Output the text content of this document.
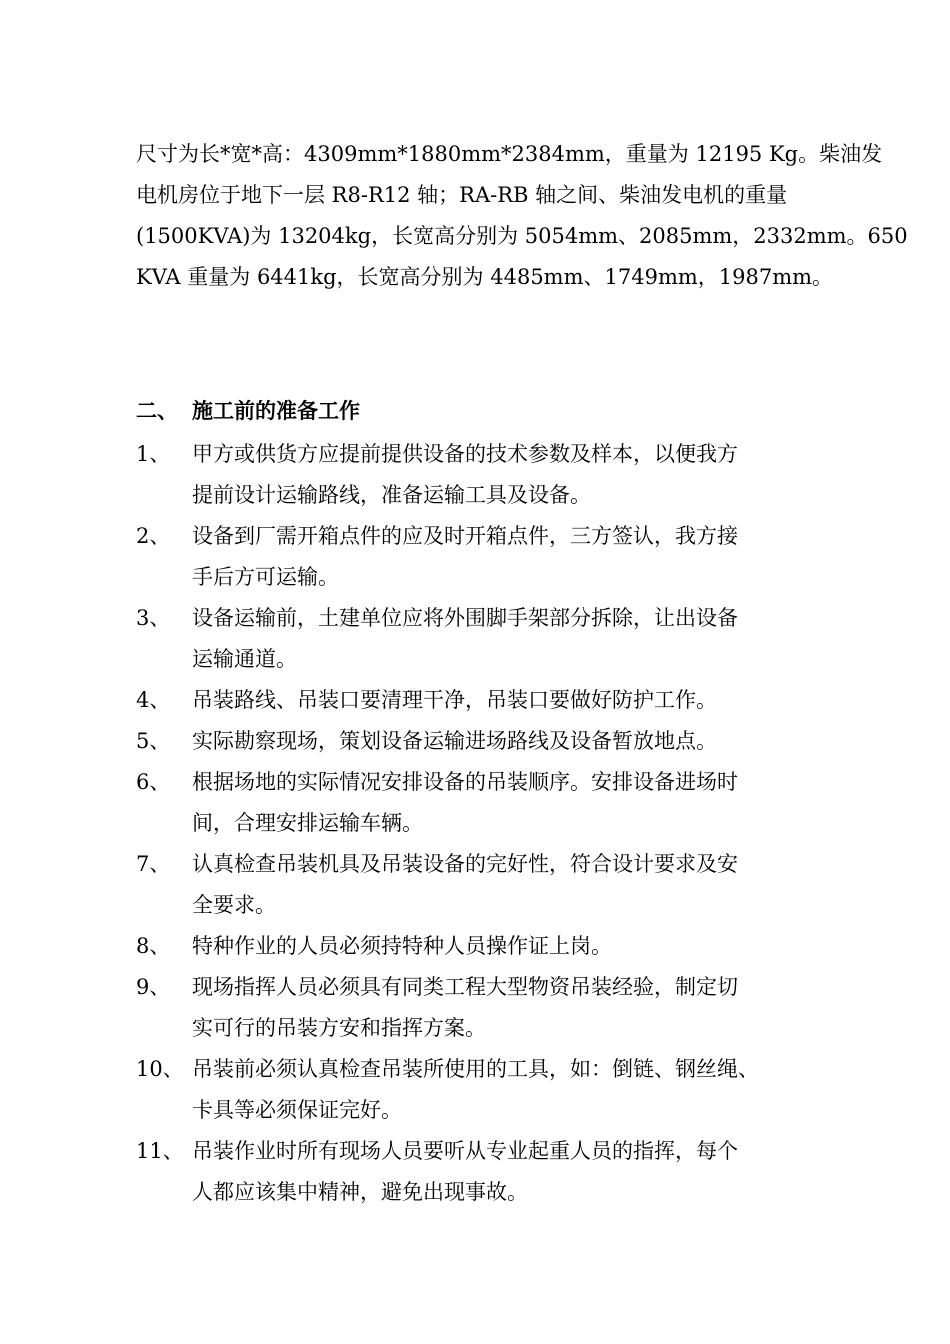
尺寸为长*宽*高：4309mm*1880mm*2384mm，重量为 12195 Kg。柴油发
电机房位于地下一层 R8-R12 轴；RA-RB 轴之间、柴油发电机的重量
(1500KVA)为 13204kg，长宽高分别为 5054mm、2085mm，2332mm。650
KVA 重量为 6441kg，长宽高分别为 4485mm、1749mm，1987mm。
二、 施工前的准备工作
1、	甲方或供货方应提前提供设备的技术参数及样本，以便我方
提前设计运输路线，准备运输工具及设备。
2、	设备到厂需开箱点件的应及时开箱点件，三方签认，我方接
手后方可运输。
3、	设备运输前，土建单位应将外围脚手架部分拆除，让出设备
运输通道。
4、	吊装路线、吊装口要清理干净，吊装口要做好防护工作。
5、	实际勘察现场，策划设备运输进场路线及设备暂放地点。
6、	根据场地的实际情况安排设备的吊装顺序。安排设备进场时
间，合理安排运输车辆。
7、	认真检查吊装机具及吊装设备的完好性，符合设计要求及安
全要求。
8、	特种作业的人员必须持特种人员操作证上岗。
9、	现场指挥人员必须具有同类工程大型物资吊装经验，制定切
实可行的吊装方安和指挥方案。
10、 吊装前必须认真检查吊装所使用的工具，如：倒链、钢丝绳、
卡具等必须保证完好。
11、 吊装作业时所有现场人员要听从专业起重人员的指挥，每个
人都应该集中精神，避免出现事故。
